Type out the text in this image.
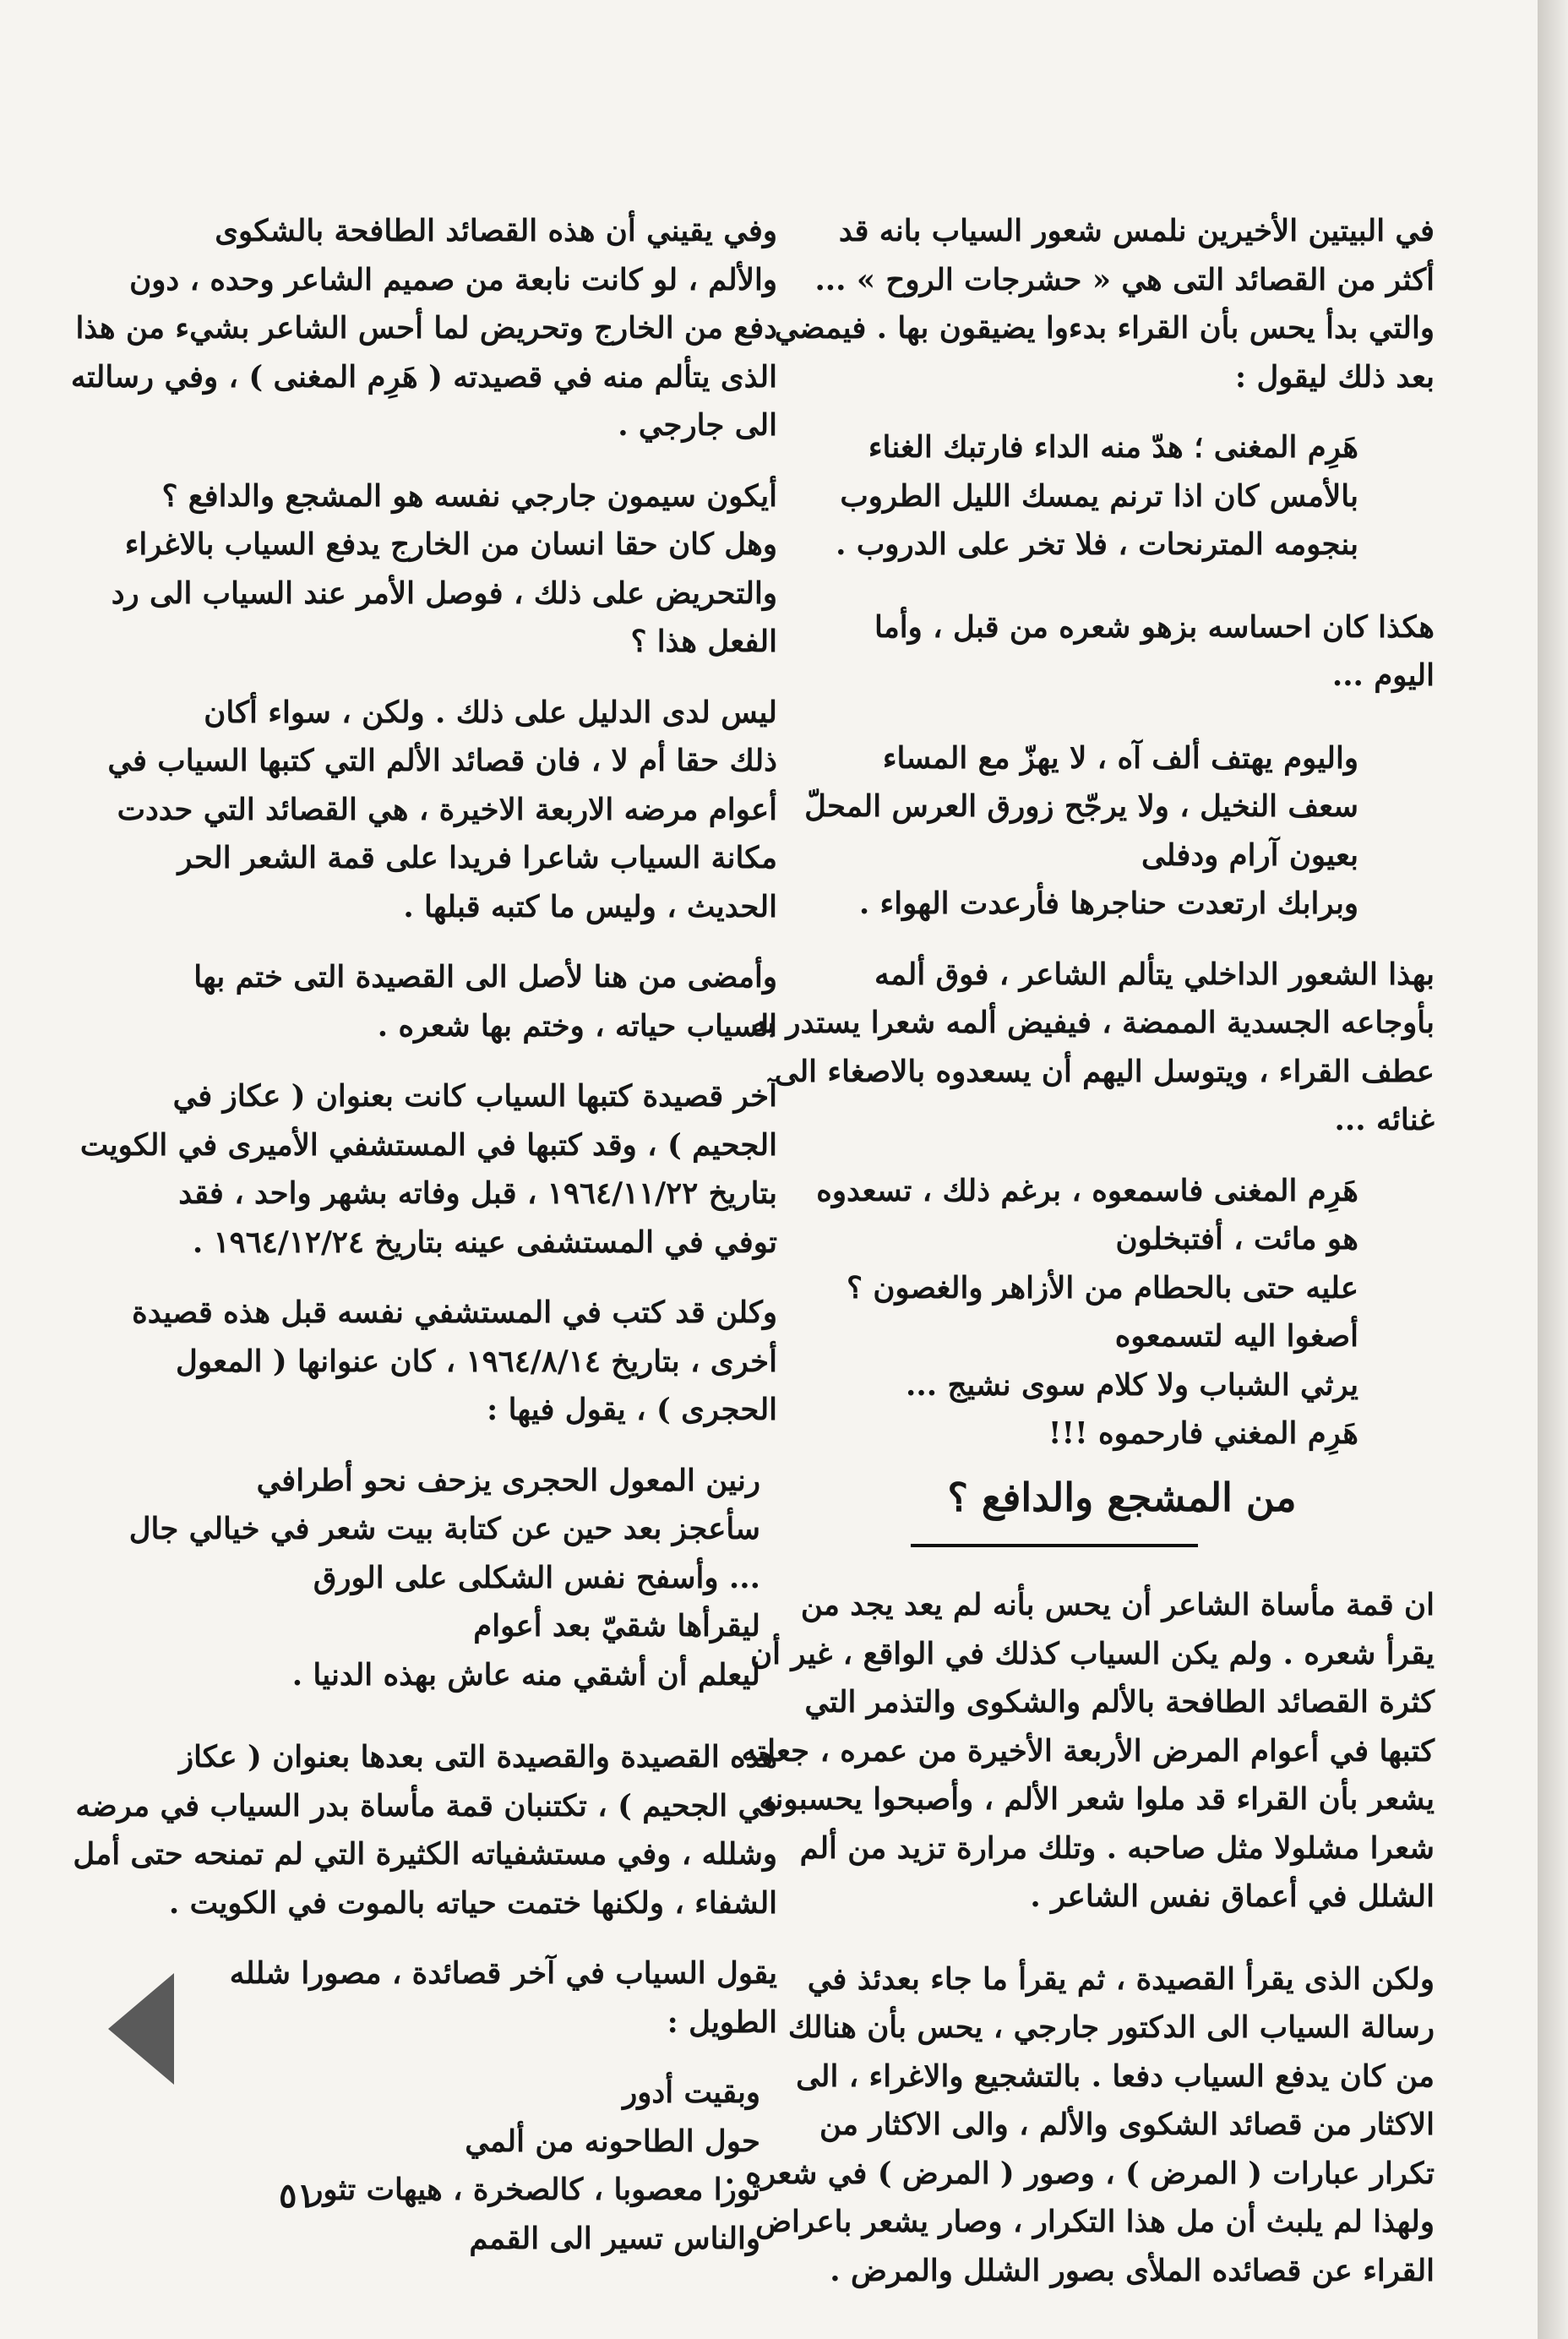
في البيتين الأخيرين نلمس شعور السياب بانه قد
أكثر من القصائد التى هي « حشرجات الروح » ...
والتي بدأ يحس بأن القراء بدءوا يضيقون بها . فيمضي
بعد ذلك ليقول :
هَرِم المغنى ؛ هدّ منه الداء فارتبك الغناء
بالأمس كان اذا ترنم يمسك الليل الطروب
بنجومه المترنحات ، فلا تخر على الدروب .
هكذا كان احساسه بزهو شعره من قبل ، وأما
اليوم ...
واليوم يهتف ألف آه ، لا يهزّ مع المساء
سعف النخيل ، ولا يرجّح زورق العرس المحلّ
بعيون آرام ودفلى
وبرابك ارتعدت حناجرها فأرعدت الهواء .
بهذا الشعور الداخلي يتألم الشاعر ، فوق ألمه
بأوجاعه الجسدية الممضة ، فيفيض ألمه شعرا يستدر به
عطف القراء ، ويتوسل اليهم أن يسعدوه بالاصغاء الى
غنائه ...
هَرِم المغنى فاسمعوه ، برغم ذلك ، تسعدوه
هو مائت ، أفتبخلون
عليه حتى بالحطام من الأزاهر والغصون ؟
أصغوا اليه لتسمعوه
يرثي الشباب ولا كلام سوى نشيج ...
هَرِم المغني فارحموه !!!
من المشجع والدافع ؟
ان قمة مأساة الشاعر أن يحس بأنه لم يعد يجد من
يقرأ شعره . ولم يكن السياب كذلك في الواقع ، غير أن
كثرة القصائد الطافحة بالألم والشكوى والتذمر التي
كتبها في أعوام المرض الأربعة الأخيرة من عمره ، جعلته
يشعر بأن القراء قد ملوا شعر الألم ، وأصبحوا يحسبونه
شعرا مشلولا مثل صاحبه . وتلك مرارة تزيد من ألم
الشلل في أعماق نفس الشاعر .
ولكن الذى يقرأ القصيدة ، ثم يقرأ ما جاء بعدئذ في
رسالة السياب الى الدكتور جارجي ، يحس بأن هنالك
من كان يدفع السياب دفعا . بالتشجيع والاغراء ، الى
الاكثار من قصائد الشكوى والألم ، والى الاكثار من
تكرار عبارات ( المرض ) ، وصور ( المرض ) في شعره .
ولهذا لم يلبث أن مل هذا التكرار ، وصار يشعر باعراض
القراء عن قصائده الملأى بصور الشلل والمرض .
وفي يقيني أن هذه القصائد الطافحة بالشكوى
والألم ، لو كانت نابعة من صميم الشاعر وحده ، دون
دفع من الخارج وتحريض لما أحس الشاعر بشيء من هذا
الذى يتألم منه في قصيدته ( هَرِم المغنى ) ، وفي رسالته
الى جارجي .
أيكون سيمون جارجي نفسه هو المشجع والدافع ؟
وهل كان حقا انسان من الخارج يدفع السياب بالاغراء
والتحريض على ذلك ، فوصل الأمر عند السياب الى رد
الفعل هذا ؟
ليس لدى الدليل على ذلك . ولكن ، سواء أكان
ذلك حقا أم لا ، فان قصائد الألم التي كتبها السياب في
أعوام مرضه الاربعة الاخيرة ، هي القصائد التي حددت
مكانة السياب شاعرا فريدا على قمة الشعر الحر
الحديث ، وليس ما كتبه قبلها .
وأمضى من هنا لأصل الى القصيدة التى ختم بها
السياب حياته ، وختم بها شعره .
آخر قصيدة كتبها السياب كانت بعنوان ( عكاز في
الجحيم ) ، وقد كتبها في المستشفي الأميرى في الكويت
بتاريخ ١٩٦٤/١١/٢٢ ، قبل وفاته بشهر واحد ، فقد
توفي في المستشفى عينه بتاريخ ١٩٦٤/١٢/٢٤ .
وكلن قد كتب في المستشفي نفسه قبل هذه قصيدة
أخرى ، بتاريخ ١٩٦٤/٨/١٤ ، كان عنوانها ( المعول
الحجرى ) ، يقول فيها :
رنين المعول الحجرى يزحف نحو أطرافي
سأعجز بعد حين عن كتابة بيت شعر في خيالي جال
... وأسفح نفس الشكلى على الورق
ليقرأها شقيّ بعد أعوام
ليعلم أن أشقي منه عاش بهذه الدنيا .
هذه القصيدة والقصيدة التى بعدها بعنوان ( عكاز
في الجحيم ) ، تكتنبان قمة مأساة بدر السياب في مرضه
وشلله ، وفي مستشفياته الكثيرة التي لم تمنحه حتى أمل
الشفاء ، ولكنها ختمت حياته بالموت في الكويت .
يقول السياب في آخر قصائدة ، مصورا شلله
الطويل :
وبقيت أدور
حول الطاحونه من ألمي
ثورا معصوبا ، كالصخرة ، هيهات تثور
والناس تسير الى القمم
٥١
